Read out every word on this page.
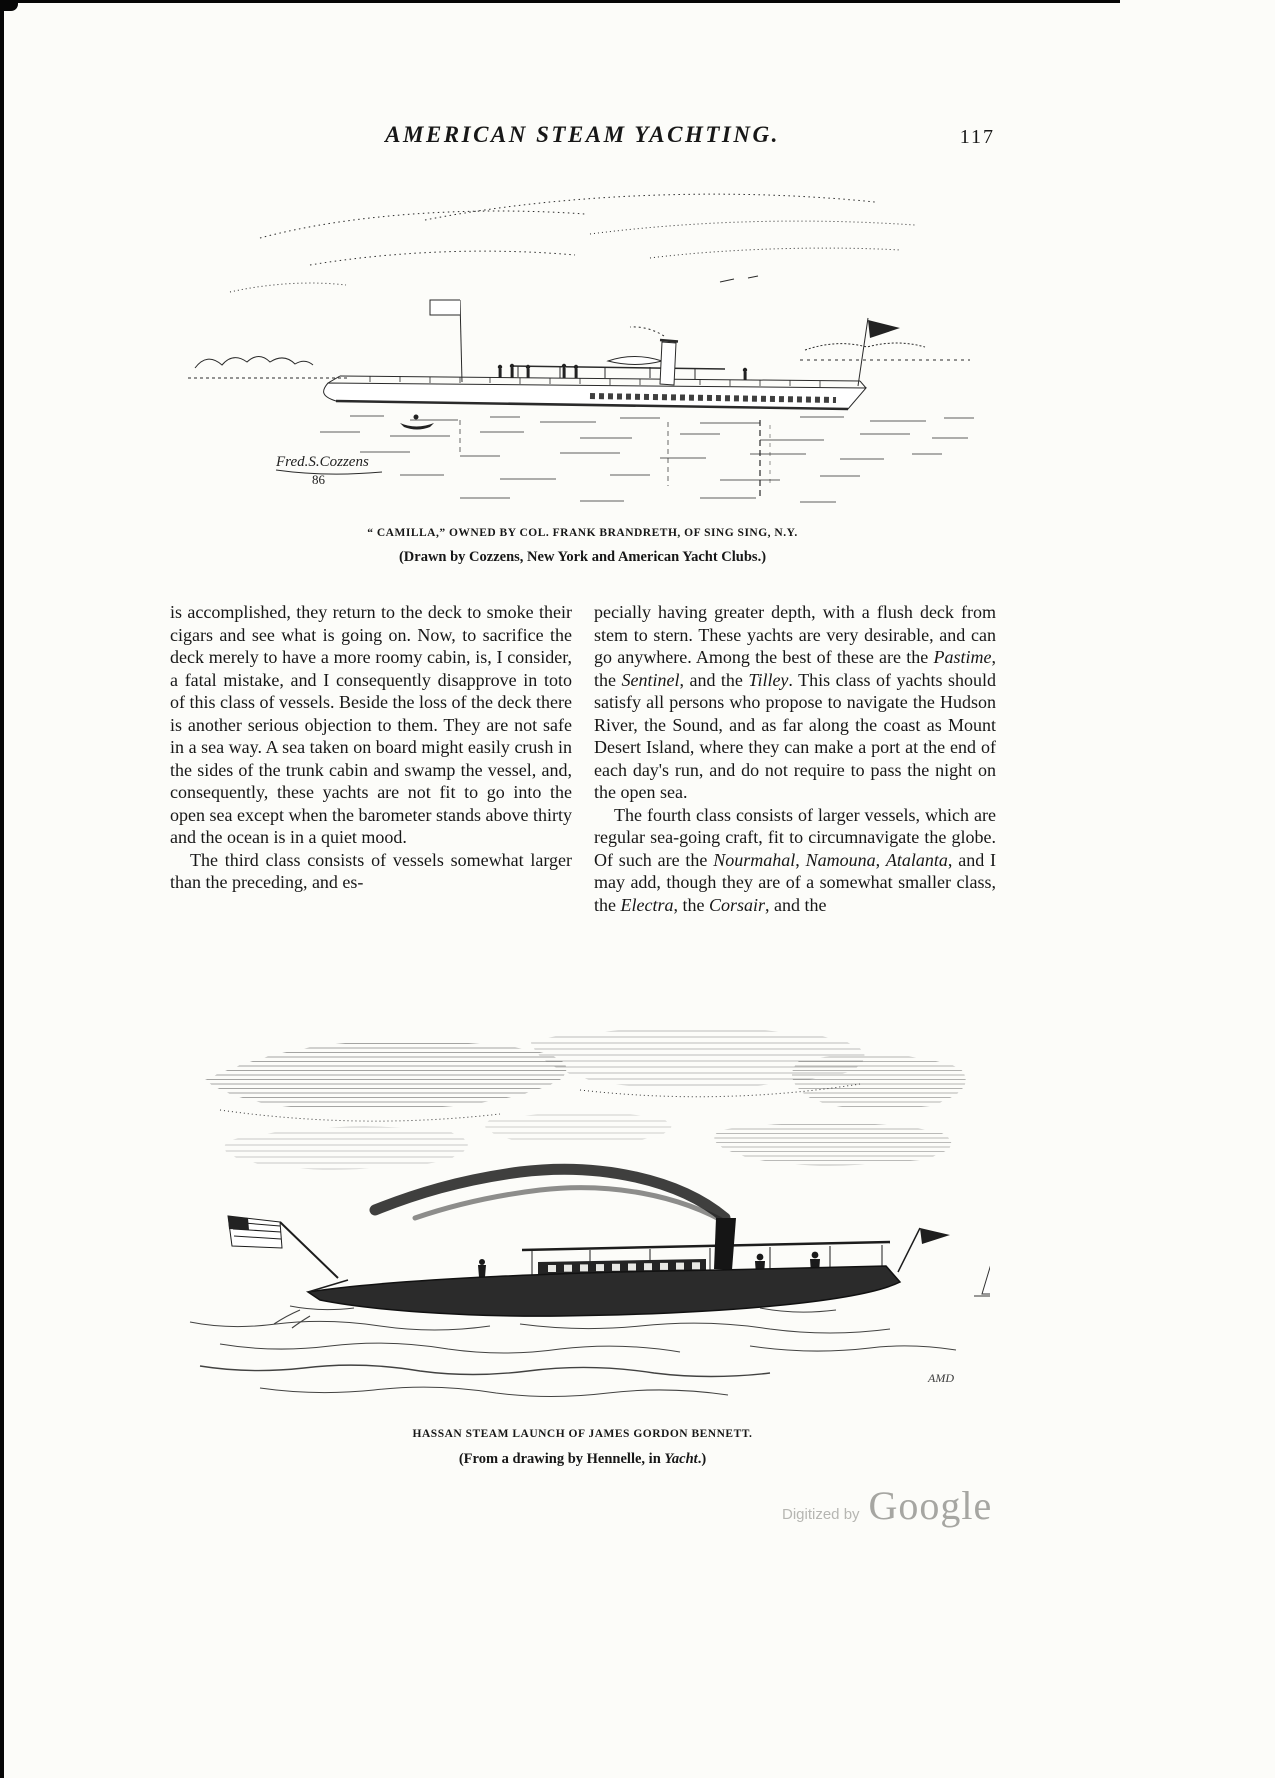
AMERICAN STEAM YACHTING.	117
Fred.S.Cozzens
86
“ CAMILLA,” OWNED BY COL. FRANK BRANDRETH, OF SING SING, N.Y.
(Drawn by Cozzens, New York and American Yacht Clubs.)

is accomplished, they return to the deck to smoke their cigars and see what is going on. Now, to sacrifice the deck merely to have a more roomy cabin, is, I consider, a fatal mistake, and I consequently disapprove in toto of this class of vessels. Beside the loss of the deck there is another serious objection to them. They are not safe in a sea way. A sea taken on board might easily crush in the sides of the trunk cabin and swamp the vessel, and, consequently, these yachts are not fit to go into the open sea except when the barometer stands above thirty and the ocean is in a quiet mood.

The third class consists of vessels somewhat larger than the preceding, and es-

pecially having greater depth, with a flush deck from stem to stern. These yachts are very desirable, and can go anywhere. Among the best of these are the Pastime, the Sentinel, and the Tilley. This class of yachts should satisfy all persons who propose to navigate the Hudson River, the Sound, and as far along the coast as Mount Desert Island, where they can make a port at the end of each day's run, and do not require to pass the night on the open sea.

The fourth class consists of larger vessels, which are regular sea-going craft, fit to circumnavigate the globe. Of such are the Nourmahal, Namouna, Atalanta, and I may add, though they are of a somewhat smaller class, the Electra, the Corsair, and the

AMD
HASSAN STEAM LAUNCH OF JAMES GORDON BENNETT.
(From a drawing by Hennelle, in Yacht.)
Digitized by Google
